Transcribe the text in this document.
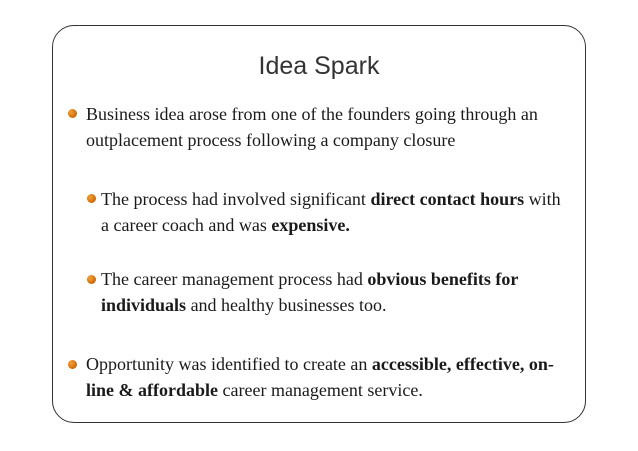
Idea Spark

Business idea arose from one of the founders going through an outplacement process following a company closure

The process had involved significant direct contact hours with a career coach and was expensive.

The career management process had obvious benefits for individuals and healthy businesses too.

Opportunity was identified to create an accessible, effective, on-line & affordable career management service.
